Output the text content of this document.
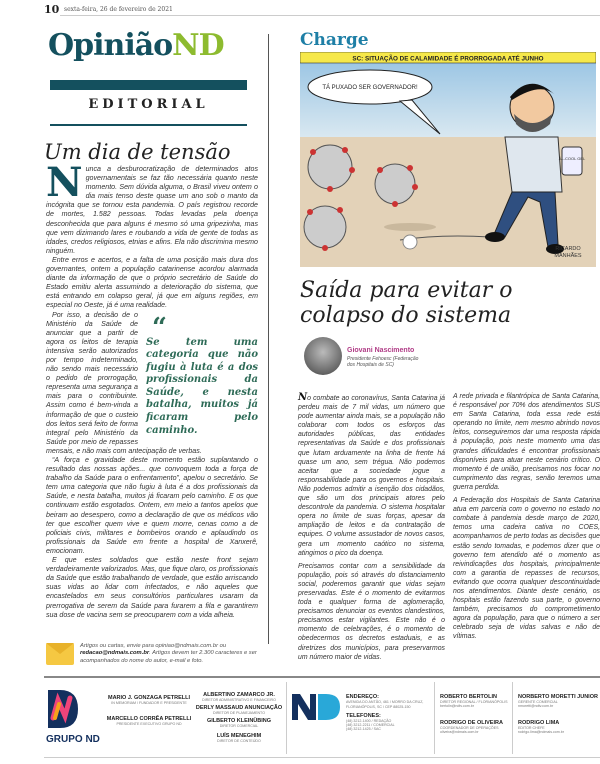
10 sexta-feira, 26 de fevereiro de 2021
OpiniãoND
EDITORIAL
Um dia de tensão

Nunca a desburocratização de determinados atos governamentais se faz tão necessária quanto neste momento. Sem dúvida alguma, o Brasil viveu ontem o dia mais tenso deste quase um ano sob o manto da incógnita que se tornou esta pandemia. O país registrou recorde de mortes, 1.582 pessoas. Todas levadas pela doença desconhecida que para alguns é mesmo só uma gripezinha, mas que vem dizimando lares e roubando a vida de gente de todas as idades, credos religiosos, etnias e afins. Ela não discrimina mesmo ninguém.

Entre erros e acertos, e a falta de uma posição mais dura dos governantes, ontem a população catarinense acordou alarmada diante da informação de que o próprio secretário de Saúde do Estado emitiu alerta assumindo a deterioração do sistema, que está entrando em colapso geral, já que em alguns regiões, em especial no Oeste, já é uma realidade.

“
Se tem uma categoria que não fugiu à luta é a dos profissionais da Saúde, e nesta batalha, muitos já ficaram pelo caminho.
Por isso, a decisão de o Ministério da Saúde de anunciar que a partir de agora os leitos de terapia intensiva serão autorizados por tempo indeterminado, não sendo mais necessário o pedido de prorrogação, representa uma segurança a mais para o contribuinte. Assim como é bem-vinda a informação de que o custeio dos leitos será feito de forma integral pelo Ministério da Saúde por meio de repasses mensais, e não mais com antecipação de verbas.

“A força e gravidade deste momento estão suplantando o resultado das nossas ações... que convoquem toda a força de trabalho da Saúde para o enfrentamento”, apelou o secretário. Se tem uma categoria que não fugiu à luta é a dos profissionais da Saúde, e nesta batalha, muitos já ficaram pelo caminho. E os que continuam estão esgotados. Ontem, em meio a tantos apelos que beiram ao desespero, como a declaração de que os médicos vão ter que escolher quem vive e quem morre, cenas como a de policiais civis, militares e bombeiros orando e aplaudindo os profissionais da Saúde em frente a hospital de Xanxerê, emocionam.

E que estes soldados que estão neste front sejam verdadeiramente valorizados. Mas, que fique claro, os profissionais da Saúde que estão trabalhando de verdade, que estão arriscando suas vidas ao lidar com infectados, e não aqueles que encastelados em seus consultórios particulares usaram da prerrogativa de serem da Saúde para furarem a fila e garantirem sua dose de vacina sem se preocuparem com a vida alheia.

Artigos ou cartas, envie para opiniao@ndmais.com.br ou redacao@ndmais.com.br. Artigos devem ter 2.300 caracteres e ser acompanhados do nome do autor, e-mail e foto.
Charge
SC: SITUAÇÃO DE CALAMIDADE É PRORROGADA ATÉ JUNHO
TÁ PUXADO SER GOVERNADOR!
ÁL-COOL GEL
RICARDO
MANHÃES
Saída para evitar o colapso do sistema
Giovani Nascimento
Presidente Fehoesc (Federação dos Hospitais de SC)

No combate ao coronavírus, Santa Catarina já perdeu mais de 7 mil vidas, um número que pode aumentar ainda mais, se a população não colaborar com todos os esforços das autoridades públicas, das entidades representativas da Saúde e dos profissionais que lutam arduamente na linha de frente há quase um ano, sem trégua. Não podemos aceitar que a sociedade jogue a responsabilidade para os governos e hospitais. Não podemos admitir a isenção dos cidadãos, que são um dos principais atores pelo descontrole da pandemia. O sistema hospitalar opera no limite de suas forças, apesar da ampliação de leitos e da contratação de equipes. O volume assustador de novos casos, gera um momento caótico no sistema, atingimos o pico da doença.

Precisamos contar com a sensibilidade da população, pois só através do distanciamento social, poderemos garantir que vidas sejam preservadas. Este é o momento de evitarmos toda e qualquer forma de aglomeração, precisamos denunciar os eventos clandestinos, precisamos estar vigilantes. Este não é o momento de celebrações, é o momento de obedecermos os decretos estaduais, e as diretrizes dos municípios, para preservarmos um número maior de vidas.

A rede privada e filantrópica de Santa Catarina, é responsável por 70% dos atendimentos SUS em Santa Catarina, toda essa rede está operando no limite, nem mesmo abrindo novos leitos, conseguiremos dar uma resposta rápida à população, pois neste momento uma das grandes dificuldades é encontrar profissionais disponíveis para atuar neste cenário crítico. O momento é de união, precisamos nos focar no cumprimento das regras, senão teremos uma guerra perdida.

A Federação dos Hospitais de Santa Catarina atua em parceria com o governo no estado no combate à pandemia desde março de 2020, temos uma cadeira cativa no COES, acompanhamos de perto todas as decisões que estão sendo tomadas, e podemos dizer que o governo tem atendido até o momento as reivindicações dos hospitais, principalmente com a garantia de repasses de recursos, evitando que ocorra qualquer descontinuidade nos atendimentos. Diante deste cenário, os hospitais estão fazendo sua parte, o governo também, precisamos do comprometimento agora da população, para que o número a ser celebrado seja de vidas salvas e não de vítimas.

GRUPO ND
MARIO J. GONZAGA PETRELLI
IN MEMORIAM / FUNDADOR E PRESIDENTE
MARCELLO CORRÊA PETRELLI
PRESIDENTE EXECUTIVO GRUPO ND
ALBERTINO ZAMARCO JR.
DIRETOR ADMINISTRATIVO E FINANCEIRO
DERLY MASSAUD ANUNCIAÇÃO
DIRETOR DE PLANEJAMENTO
GILBERTO KLEINÜBING
DIRETOR COMERCIAL
LUÍS MENEGHIM
DIRETOR DE CONTEÚDO
ENDEREÇO:
AVENIDA DO ANTÃO, 461 / MORRO DA CRUZ, FLORIANÓPOLIS, SC / CEP 88025-150
TELEFONES:
(48) 3212-1400 / REDAÇÃO
(48) 3212-2211 / COMERCIAL
(48) 3212-1425 / SAC
ROBERTO BERTOLIN
DIRETOR REGIONAL / FLORIANÓPOLIS
bertolin@ndtv.com.br
RODRIGO DE OLIVEIRA
COORDENADOR DE OPERAÇÕES
oliveira@ndmais.com.br
NORBERTO MORETTI JUNIOR
GERENTE COMERCIAL
nmoretti@ndtv.com.br
RODRIGO LIMA
EDITOR CHEFE
rodrigo.lima@ndmais.com.br
